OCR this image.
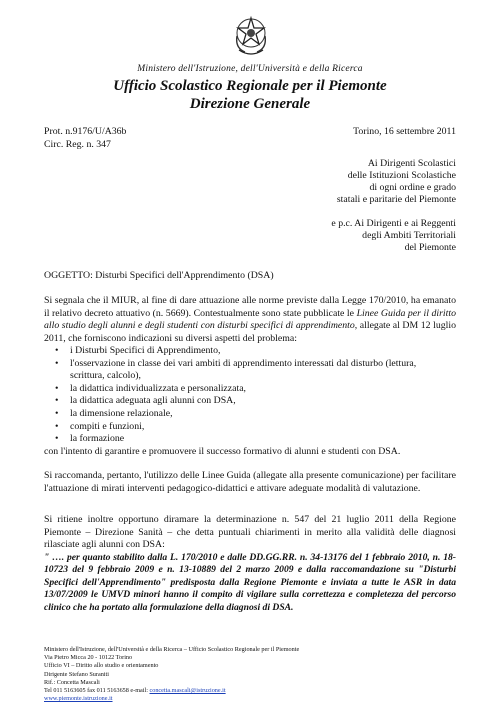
Ministero dell'Istruzione, dell'Università e della Ricerca
Ufficio Scolastico Regionale per il Piemonte
Direzione Generale
Prot. n.9176/U/A36b
Circ. Reg. n. 347
Torino, 16 settembre 2011
Ai Dirigenti Scolastici
delle Istituzioni Scolastiche
di ogni ordine e grado
statali e paritarie del Piemonte
e p.c. Ai Dirigenti e ai Reggenti
degli Ambiti Territoriali
del Piemonte
OGGETTO: Disturbi Specifici dell'Apprendimento (DSA)
Si segnala che il MIUR, al fine di dare attuazione alle norme previste dalla Legge 170/2010, ha emanato il relativo decreto attuativo (n. 5669). Contestualmente sono state pubblicate le Linee Guida per il diritto allo studio degli alunni e degli studenti con disturbi specifici di apprendimento, allegate al DM 12 luglio 2011, che forniscono indicazioni su diversi aspetti del problema:
• i Disturbi Specifici di Apprendimento,
• l'osservazione in classe dei vari ambiti di apprendimento interessati dal disturbo (lettura,
scrittura, calcolo),
• la didattica individualizzata e personalizzata,
• la didattica adeguata agli alunni con DSA,
• la dimensione relazionale,
• compiti e funzioni,
• la formazione
con l'intento di garantire e promuovere il successo formativo di alunni e studenti con DSA.
Si raccomanda, pertanto, l'utilizzo delle Linee Guida (allegate alla presente comunicazione) per facilitare l'attuazione di mirati interventi pedagogico-didattici e attivare adeguate modalità di valutazione.
Si ritiene inoltre opportuno diramare la determinazione n. 547 del 21 luglio 2011 della Regione Piemonte – Direzione Sanità – che detta puntuali chiarimenti in merito alla validità delle diagnosi rilasciate agli alunni con DSA:
" …. per quanto stabilito dalla L. 170/2010 e dalle DD.GG.RR. n. 34-13176 del 1 febbraio 2010, n. 18-10723 del 9 febbraio 2009 e n. 13-10889 del 2 marzo 2009 e dalla raccomandazione su "Disturbi Specifici dell'Apprendimento" predisposta dalla Regione Piemonte e inviata a tutte le ASR in data 13/07/2009 le UMVD minori hanno il compito di vigilare sulla correttezza e completezza del percorso clinico che ha portato alla formulazione della diagnosi di DSA.
Ministero dell'Istruzione, dell'Università e della Ricerca – Ufficio Scolastico Regionale per il Piemonte
Via Pietro Micca 20 - 10122 Torino
Ufficio VI – Diritto allo studio e orientamento
Dirigente Stefano Suraniti
Rif.: Concetta Mascali
Tel 011 5163605 fax 011 5163658 e-mail: concetta.mascali@istruzione.it
www.piemonte.istruzione.it
